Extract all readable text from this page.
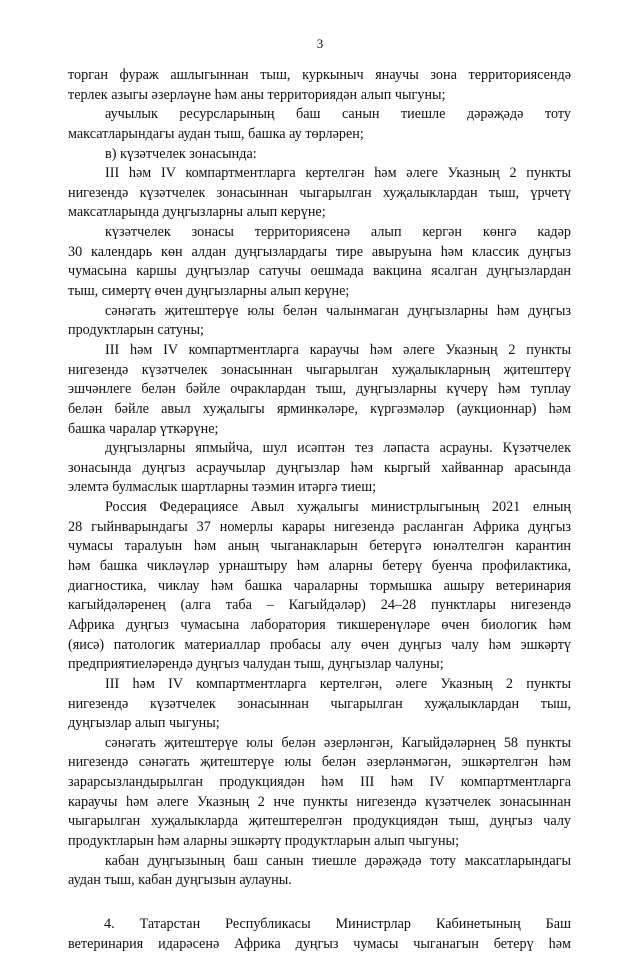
3
торган фураж ашлыгыннан тыш, куркыныч янаучы зона территориясендә
терлек азыгы әзерләүне һәм аны территориядән алып чыгуны;
аучылык ресурсларының баш санын тиешле дәрәҗәдә тоту
максатларындагы аудан тыш, башка ау төрләрен;
в) күзәтчелек зонасында:
III һәм IV компартментларга кертелгән һәм әлеге Указның 2 пункты
нигезендә күзәтчелек зонасыннан чыгарылган хуҗалыклардан тыш, үрчетү
максатларында дуңгызларны алып керүне;
күзәтчелек зонасы территориясенә алып кергән көнгә кадәр
30 календарь көн алдан дуңгызлардагы тире авыруына һәм классик дуңгыз
чумасына каршы дуңгызлар сатучы оешмада вакцина ясалган дуңгызлардан
тыш, симертү өчен дуңгызларны алып керүне;
сәнәгать җитештерүе юлы белән чалынмаган дуңгызларны һәм дуңгыз
продуктларын сатуны;
III һәм IV компартментларга караучы һәм әлеге Указның 2 пункты
нигезендә күзәтчелек зонасыннан чыгарылган хуҗалыкларның җитештерү
эшчәнлеге белән бәйле очраклардан тыш, дуңгызларны күчерү һәм туплау
белән бәйле авыл хуҗалыгы ярминкәләре, күргәзмәләр (аукционнар) һәм
башка чаралар үткәрүне;
дуңгызларны япмыйча, шул исәптән тез ләпаста асрауны. Күзәтчелек
зонасында дуңгыз асраучылар дуңгызлар һәм кыргый хайваннар арасында
элемтә булмаслык шартларны тәэмин итәргә тиеш;
Россия Федерациясе Авыл хуҗалыгы министрлыгының 2021 елның
28 гыйнварындагы 37 номерлы карары нигезендә расланган Африка дуңгыз
чумасы таралуын һәм аның чыганакларын бетерүгә юнәлтелгән карантин
һәм башка чикләүләр урнаштыру һәм аларны бетерү буенча профилактика,
диагностика, чиклау һәм башка чараларны тормышка ашыру ветеринария
кагыйдәләренең (алга таба – Кагыйдәләр) 24–28 пунктлары нигезендә
Африка дуңгыз чумасына лаборатория тикшеренүләре өчен биологик һәм
(яисә) патологик материаллар пробасы алу өчен дуңгыз чалу һәм эшкәртү
предприятиеләрендә дуңгыз чалудан тыш, дуңгызлар чалуны;
III һәм IV компартментларга кертелгән, әлеге Указның 2 пункты
нигезендә күзәтчелек зонасыннан чыгарылган хуҗалыклардан тыш,
дуңгызлар алып чыгуны;
сәнәгать җитештерүе юлы белән әзерләнгән, Кагыйдәләрнең 58 пункты
нигезендә сәнәгать җитештерүе юлы белән әзерләнмәгән, эшкәртелгән һәм
зарарсызландырылган продукциядән һәм III һәм IV компартментларга
караучы һәм әлеге Указның 2 нче пункты нигезендә күзәтчелек зонасыннан
чыгарылган хуҗалыкларда җитештерелгән продукциядән тыш, дуңгыз чалу
продуктларын һәм аларны эшкәртү продуктларын алып чыгуны;
кабан дуңгызының баш санын тиешле дәрәҗәдә тоту максатларындагы
аудан тыш, кабан дуңгызын аулауны.
4. Татарстан Республикасы Министрлар Кабинетының Баш
ветеринария идарәсенә Африка дуңгыз чумасы чыганагын бетерү һәм
